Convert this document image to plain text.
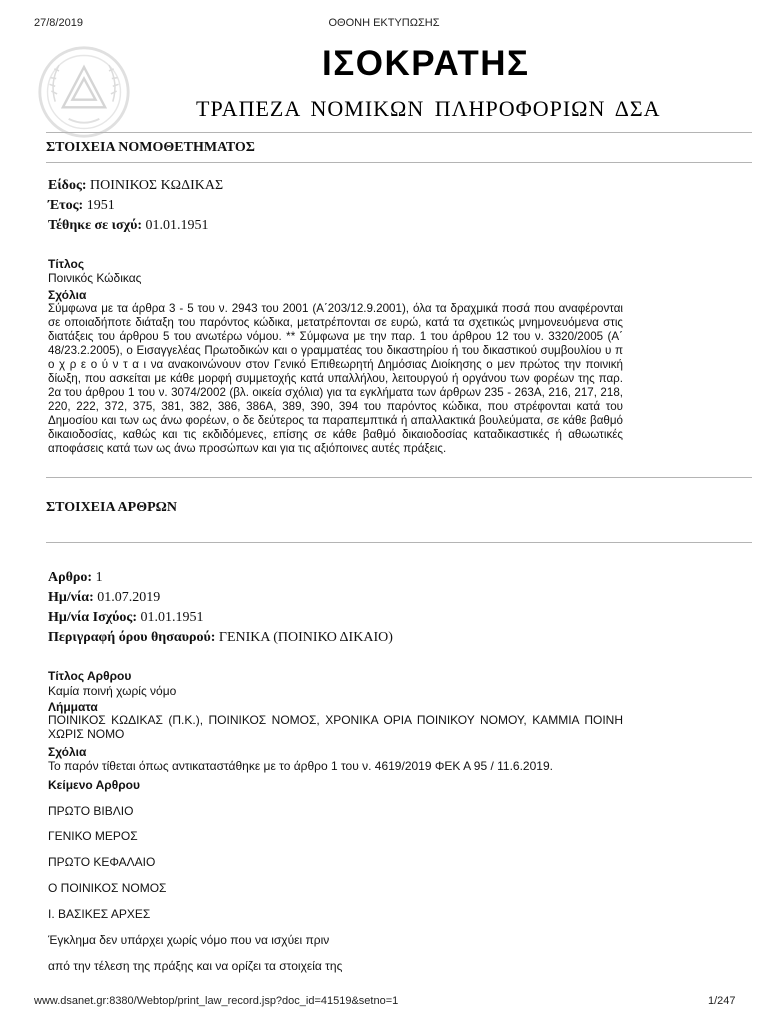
27/8/2019	ΟΘΟΝΗ ΕΚΤΥΠΩΣΗΣ
ΙΣΟΚΡΑΤΗΣ
ΤΡΑΠΕΖΑ ΝΟΜΙΚΩΝ ΠΛΗΡΟΦΟΡΙΩΝ ΔΣΑ
ΣΤΟΙΧΕΙΑ ΝΟΜΟΘΕΤΗΜΑΤΟΣ
Είδος: ΠΟΙΝΙΚΟΣ ΚΩΔΙΚΑΣ
Έτος: 1951
Τέθηκε σε ισχύ: 01.01.1951
Τίτλος
Ποινικός Κώδικας
Σχόλια
Σύμφωνα με τα άρθρα 3 - 5 του ν. 2943 του 2001 (Α΄203/12.9.2001), όλα τα δραχμικά ποσά που αναφέρονται σε οποιαδήποτε διάταξη του παρόντος κώδικα, μετατρέπονται σε ευρώ, κατά τα σχετικώς μνημονευόμενα στις διατάξεις του άρθρου 5 του ανωτέρω νόμου. ** Σύμφωνα με την παρ. 1 του άρθρου 12 του ν. 3320/2005 (Α΄ 48/23.2.2005), ο Εισαγγελέας Πρωτοδικών και ο γραμματέας του δικαστηρίου ή του δικαστικού συμβουλίου υ π ο χ ρ ε ο ύ ν τ α ι να ανακοινώνουν στον Γενικό Επιθεωρητή Δημόσιας Διοίκησης ο μεν πρώτος την ποινική δίωξη, που ασκείται με κάθε μορφή συμμετοχής κατά υπαλλήλου, λειτουργού ή οργάνου των φορέων της παρ. 2α του άρθρου 1 του ν. 3074/2002 (βλ. οικεία σχόλια) για τα εγκλήματα των άρθρων 235 - 263Α, 216, 217, 218, 220, 222, 372, 375, 381, 382, 386, 386Α, 389, 390, 394 του παρόντος κώδικα, που στρέφονται κατά του Δημοσίου και των ως άνω φορέων, ο δε δεύτερος τα παραπεμπτικά ή απαλλακτικά βουλεύματα, σε κάθε βαθμό δικαιοδοσίας, καθώς και τις εκδιδόμενες, επίσης σε κάθε βαθμό δικαιοδοσίας καταδικαστικές ή αθωωτικές αποφάσεις κατά των ως άνω προσώπων και για τις αξιόποινες αυτές πράξεις.
ΣΤΟΙΧΕΙΑ ΑΡΘΡΩΝ
Αρθρο: 1
Ημ/νία: 01.07.2019
Ημ/νία Ισχύος: 01.01.1951
Περιγραφή όρου θησαυρού: ΓΕΝΙΚΑ (ΠΟΙΝΙΚΟ ΔΙΚΑΙΟ)
Τίτλος Αρθρου
Καμία ποινή χωρίς νόμο
Λήμματα
ΠΟΙΝΙΚΟΣ ΚΩΔΙΚΑΣ (Π.Κ.), ΠΟΙΝΙΚΟΣ ΝΟΜΟΣ, ΧΡΟΝΙΚΑ ΟΡΙΑ ΠΟΙΝΙΚΟΥ ΝΟΜΟΥ, ΚΑΜΜΙΑ ΠΟΙΝΗ ΧΩΡΙΣ ΝΟΜΟ
Σχόλια
Το παρόν τίθεται όπως αντικαταστάθηκε με το άρθρο 1 του ν. 4619/2019 ΦΕΚ Α 95 / 11.6.2019.
Κείμενο Αρθρου
ΠΡΩΤΟ ΒΙΒΛΙΟ
ΓΕΝΙΚΟ ΜΕΡΟΣ
ΠΡΩΤΟ ΚΕΦΑΛΑΙΟ
Ο ΠΟΙΝΙΚΟΣ ΝΟΜΟΣ
Ι. ΒΑΣΙΚΕΣ ΑΡΧΕΣ
Έγκλημα δεν υπάρχει χωρίς νόμο που να ισχύει πριν
από την τέλεση της πράξης και να ορίζει τα στοιχεία της
www.dsanet.gr:8380/Webtop/print_law_record.jsp?doc_id=41519&setno=1	1/247
